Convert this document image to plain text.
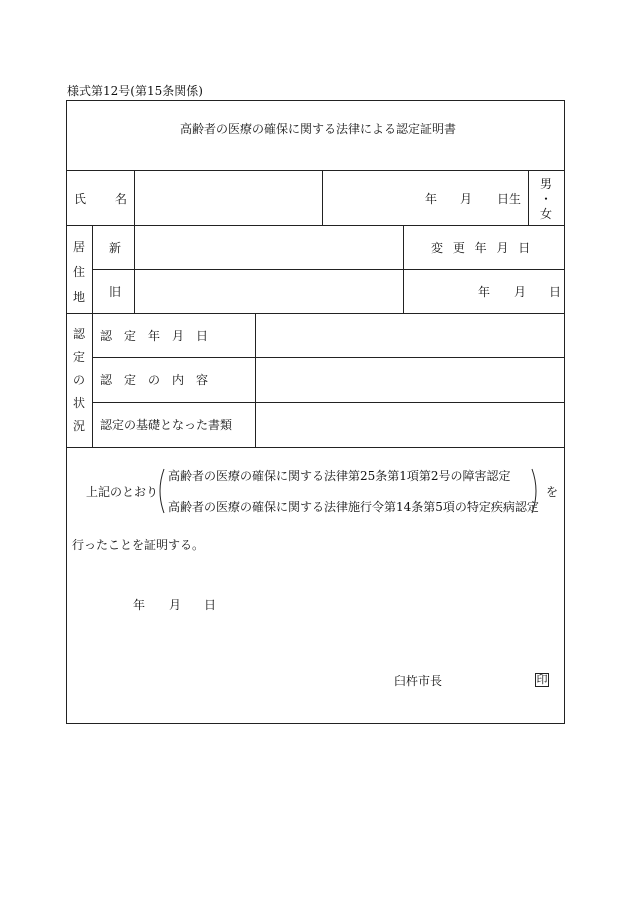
様式第12号(第15条関係)
高齢者の医療の確保に関する法律による認定証明書
氏 名	年 月 日生
男
・
女
居
住
地
新
旧
変 更 年 月 日
年 月 日
認
定
の
状
況
認　定　年　月　日
認　定　の　内　容
認定の基礎となった書類
上記のとおり
高齢者の医療の確保に関する法律第25条第1項第2号の障害認定
高齢者の医療の確保に関する法律施行令第14条第5項の特定疾病認定
を
行ったことを証明する。
年 月 日
臼杵市長	印
